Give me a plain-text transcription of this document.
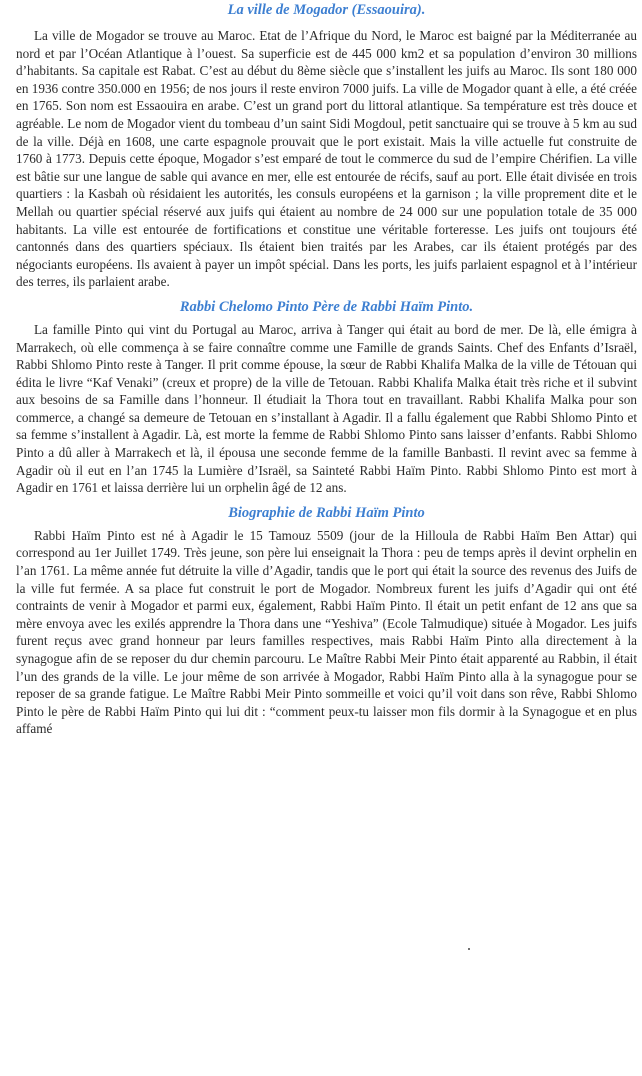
La ville de Mogador (Essaouira).

La ville de Mogador se trouve au Maroc. Etat de l’Afrique du Nord, le Maroc est baigné par la Méditerranée au nord et par l’Océan Atlantique à l’ouest. Sa superficie est de 445 000 km2 et sa population d’environ 30 millions d’habitants. Sa capitale est Rabat. C’est au début du 8ème siècle que s’installent les juifs au Maroc. Ils sont 180 000 en 1936 contre 350.000 en 1956; de nos jours il reste environ 7000 juifs. La ville de Mogador quant à elle, a été créée en 1765. Son nom est Essaouira en arabe. C’est un grand port du littoral atlantique. Sa température est très douce et agréable. Le nom de Mogador vient du tombeau d’un saint Sidi Mogdoul, petit sanctuaire qui se trouve à 5 km au sud de la ville. Déjà en 1608, une carte espagnole prouvait que le port existait. Mais la ville actuelle fut construite de 1760 à 1773. Depuis cette époque, Mogador s’est emparé de tout le commerce du sud de l’empire Chérifien. La ville est bâtie sur une langue de sable qui avance en mer, elle est entourée de récifs, sauf au port. Elle était divisée en trois quartiers : la Kasbah où résidaient les autorités, les consuls européens et la garnison ; la ville proprement dite et le Mellah ou quartier spécial réservé aux juifs qui étaient au nombre de 24 000 sur une population totale de 35 000 habitants. La ville est entourée de fortifications et constitue une véritable forteresse. Les juifs ont toujours été cantonnés dans des quartiers spéciaux. Ils étaient bien traités par les Arabes, car ils étaient protégés par des négociants européens. Ils avaient à payer un impôt spécial. Dans les ports, les juifs parlaient espagnol et à l’intérieur des terres, ils parlaient arabe.

Rabbi Chelomo Pinto Père de Rabbi Haïm Pinto.

La famille Pinto qui vint du Portugal au Maroc, arriva à Tanger qui était au bord de mer. De là, elle émigra à Marrakech, où elle commença à se faire connaître comme une Famille de grands Saints. Chef des Enfants d’Israël, Rabbi Shlomo Pinto reste à Tanger. Il prit comme épouse, la sœur de Rabbi Khalifa Malka de la ville de Tétouan qui édita le livre “Kaf Venaki” (creux et propre) de la ville de Tetouan. Rabbi Khalifa Malka était très riche et il subvint aux besoins de sa Famille dans l’honneur. Il étudiait la Thora tout en travaillant. Rabbi Khalifa Malka pour son commerce, a changé sa demeure de Tetouan en s’installant à Agadir. Il a fallu également que Rabbi Shlomo Pinto et sa femme s’installent à Agadir. Là, est morte la femme de Rabbi Shlomo Pinto sans laisser d’enfants. Rabbi Shlomo Pinto a dû aller à Marrakech et là, il épousa une seconde femme de la famille Banbasti. Il revint avec sa femme à Agadir où il eut en l’an 1745 la Lumière d’Israël, sa Sainteté Rabbi Haïm Pinto. Rabbi Shlomo Pinto est mort à Agadir en 1761 et laissa derrière lui un orphelin âgé de 12 ans.

Biographie de Rabbi Haïm Pinto

Rabbi Haïm Pinto est né à Agadir le 15 Tamouz 5509 (jour de la Hilloula de Rabbi Haïm Ben Attar) qui correspond au 1er Juillet 1749. Très jeune, son père lui enseignait la Thora : peu de temps après il devint orphelin en l’an 1761. La même année fut détruite la ville d’Agadir, tandis que le port qui était la source des revenus des Juifs de la ville fut fermée. A sa place fut construit le port de Mogador. Nombreux furent les juifs d’Agadir qui ont été contraints de venir à Mogador et parmi eux, également, Rabbi Haïm Pinto. Il était un petit enfant de 12 ans que sa mère envoya avec les exilés apprendre la Thora dans une “Yeshiva” (Ecole Talmudique) située à Mogador. Les juifs furent reçus avec grand honneur par leurs familles respectives, mais Rabbi Haïm Pinto alla directement à la synagogue afin de se reposer du dur chemin parcouru. Le Maître Rabbi Meir Pinto était apparenté au Rabbin, il était l’un des grands de la ville. Le jour même de son arrivée à Mogador, Rabbi Haïm Pinto alla à la synagogue pour se reposer de sa grande fatigue. Le Maître Rabbi Meir Pinto sommeille et voici qu’il voit dans son rêve, Rabbi Shlomo Pinto le père de Rabbi Haïm Pinto qui lui dit : “comment peux-tu laisser mon fils dormir à la Synagogue et en plus affamé
